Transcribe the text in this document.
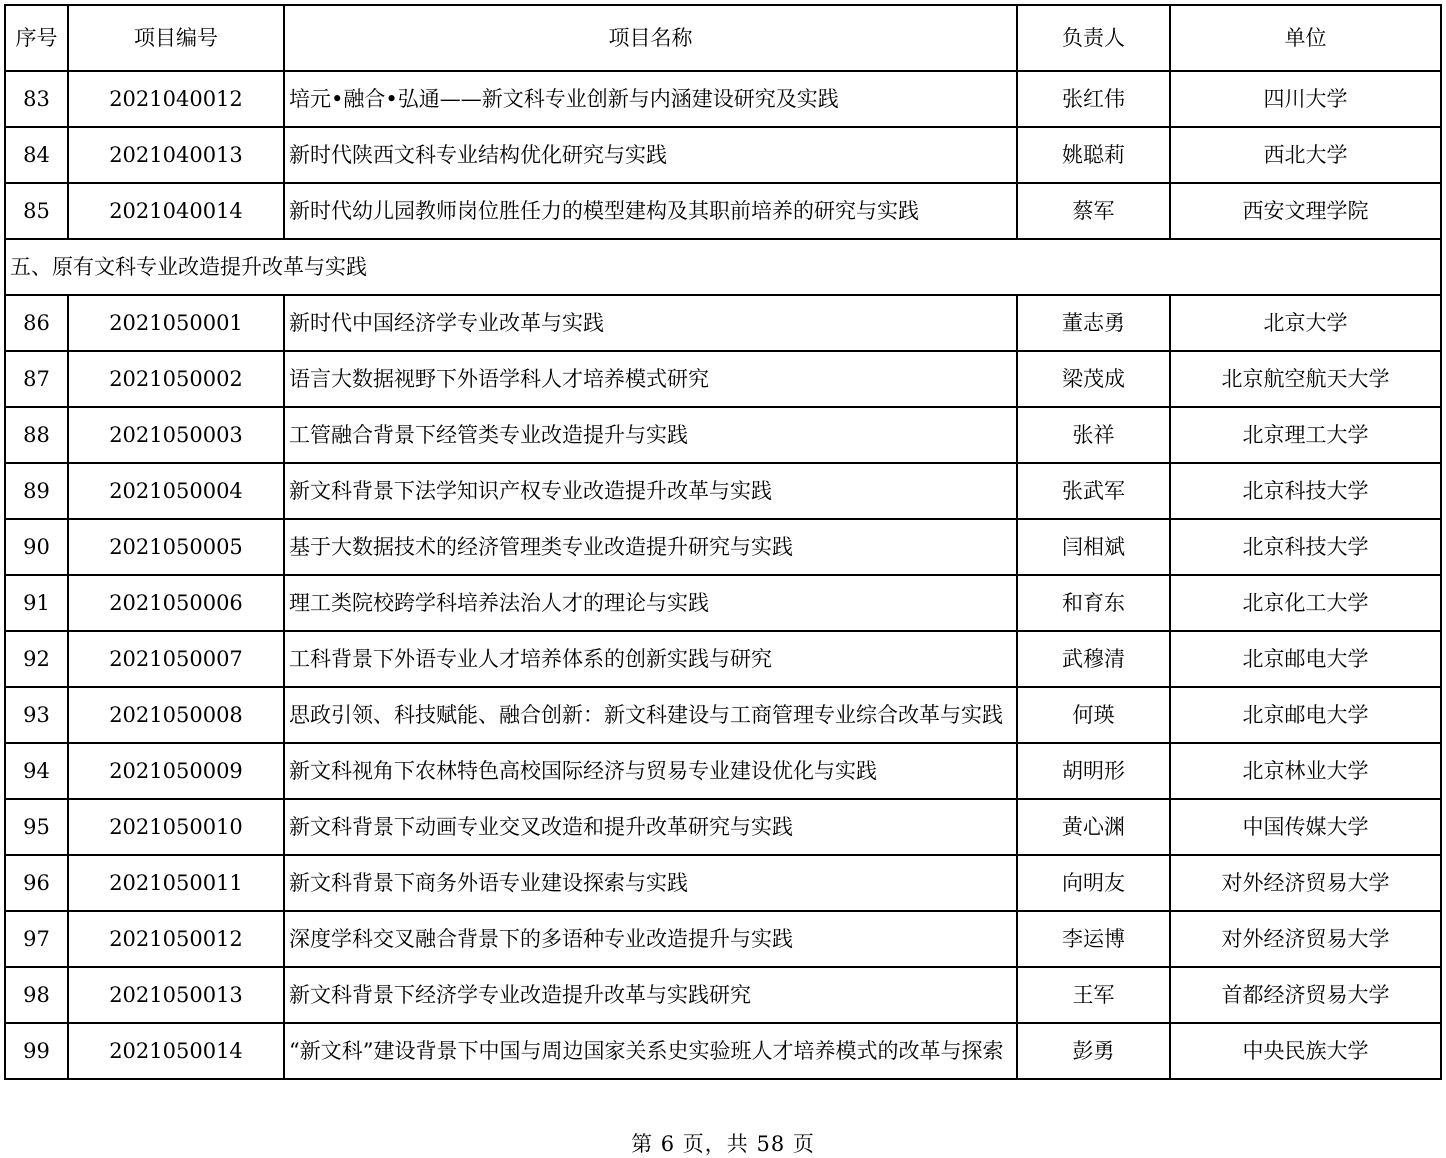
序号	项目编号	项目名称	负责人	单位
83	2021040012	培元•融合•弘通——新文科专业创新与内涵建设研究及实践	张红伟	四川大学
84	2021040013	新时代陕西文科专业结构优化研究与实践	姚聪莉	西北大学
85	2021040014	新时代幼儿园教师岗位胜任力的模型建构及其职前培养的研究与实践	蔡军	西安文理学院
五、原有文科专业改造提升改革与实践				
86	2021050001	新时代中国经济学专业改革与实践	董志勇	北京大学
87	2021050002	语言大数据视野下外语学科人才培养模式研究	梁茂成	北京航空航天大学
88	2021050003	工管融合背景下经管类专业改造提升与实践	张祥	北京理工大学
89	2021050004	新文科背景下法学知识产权专业改造提升改革与实践	张武军	北京科技大学
90	2021050005	基于大数据技术的经济管理类专业改造提升研究与实践	闫相斌	北京科技大学
91	2021050006	理工类院校跨学科培养法治人才的理论与实践	和育东	北京化工大学
92	2021050007	工科背景下外语专业人才培养体系的创新实践与研究	武穆清	北京邮电大学
93	2021050008	思政引领、科技赋能、融合创新：新文科建设与工商管理专业综合改革与实践	何瑛	北京邮电大学
94	2021050009	新文科视角下农林特色高校国际经济与贸易专业建设优化与实践	胡明形	北京林业大学
95	2021050010	新文科背景下动画专业交叉改造和提升改革研究与实践	黄心渊	中国传媒大学
96	2021050011	新文科背景下商务外语专业建设探索与实践	向明友	对外经济贸易大学
97	2021050012	深度学科交叉融合背景下的多语种专业改造提升与实践	李运博	对外经济贸易大学
98	2021050013	新文科背景下经济学专业改造提升改革与实践研究	王军	首都经济贸易大学
99	2021050014	“新文科”建设背景下中国与周边国家关系史实验班人才培养模式的改革与探索	彭勇	中央民族大学
第 6 页，共 58 页
